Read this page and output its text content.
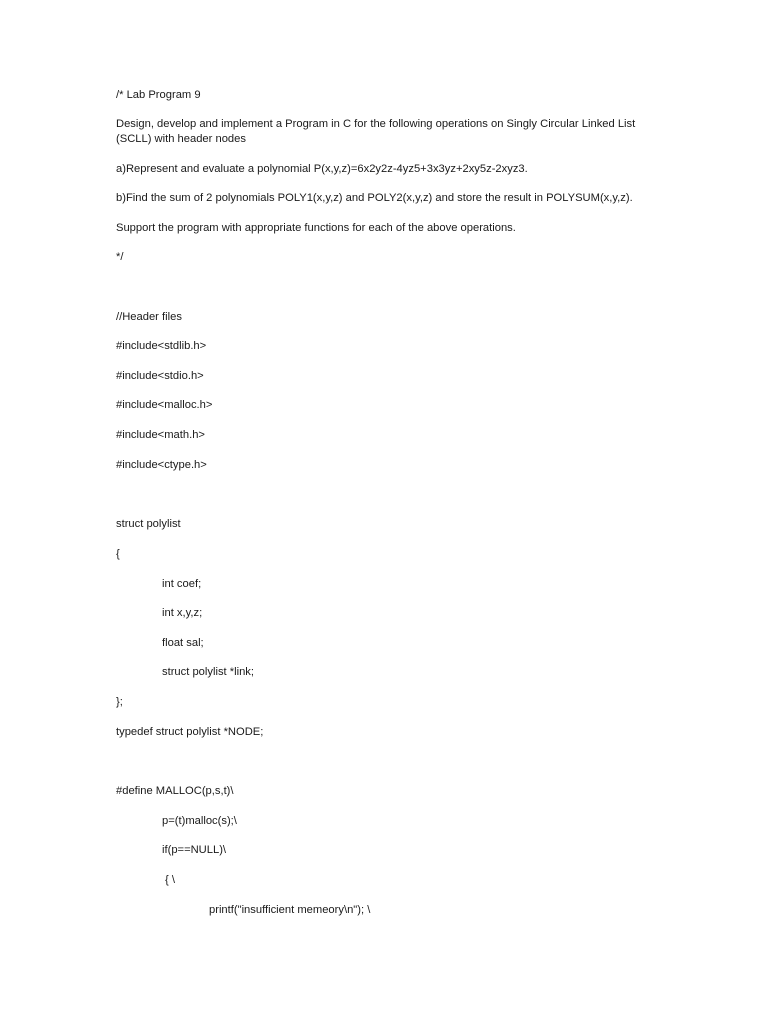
/* Lab Program 9
Design, develop and implement a Program in C for the following operations on Singly Circular Linked List (SCLL) with header nodes
a)Represent and evaluate a polynomial P(x,y,z)=6x2y2z-4yz5+3x3yz+2xy5z-2xyz3.
b)Find the sum of 2 polynomials POLY1(x,y,z) and POLY2(x,y,z) and store the result in POLYSUM(x,y,z).
Support the program with appropriate functions for each of the above operations.
*/
//Header files
#include<stdlib.h>
#include<stdio.h>
#include<malloc.h>
#include<math.h>
#include<ctype.h>
struct polylist
{
int coef;
int x,y,z;
float sal;
struct polylist *link;
};
typedef struct polylist *NODE;
#define MALLOC(p,s,t)\
p=(t)malloc(s);\
if(p==NULL)\
{ \
printf("insufficient memeory\n"); \
